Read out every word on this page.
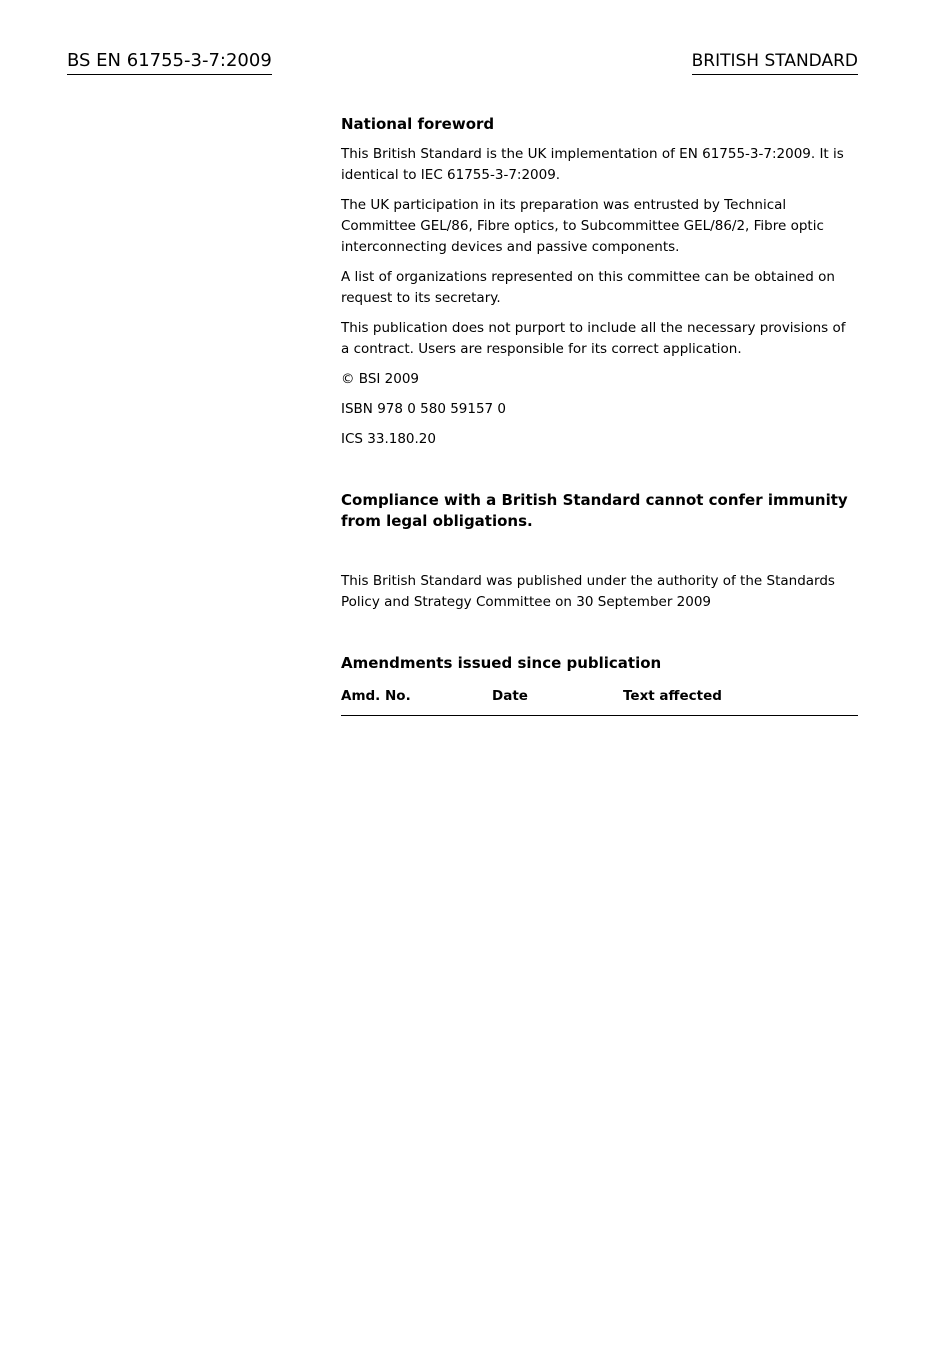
BS EN 61755-3-7:2009	BRITISH STANDARD
National foreword

This British Standard is the UK implementation of EN 61755-3-7:2009. It is identical to IEC 61755-3-7:2009.

The UK participation in its preparation was entrusted by Technical Committee GEL/86, Fibre optics, to Subcommittee GEL/86/2, Fibre optic interconnecting devices and passive components.

A list of organizations represented on this committee can be obtained on request to its secretary.

This publication does not purport to include all the necessary provisions of a contract. Users are responsible for its correct application.

© BSI 2009

ISBN 978 0 580 59157 0

ICS 33.180.20

Compliance with a British Standard cannot confer immunity from legal obligations.

This British Standard was published under the authority of the Standards Policy and Strategy Committee on 30 September 2009

Amendments issued since publication
Amd. No.	Date	Text affected
